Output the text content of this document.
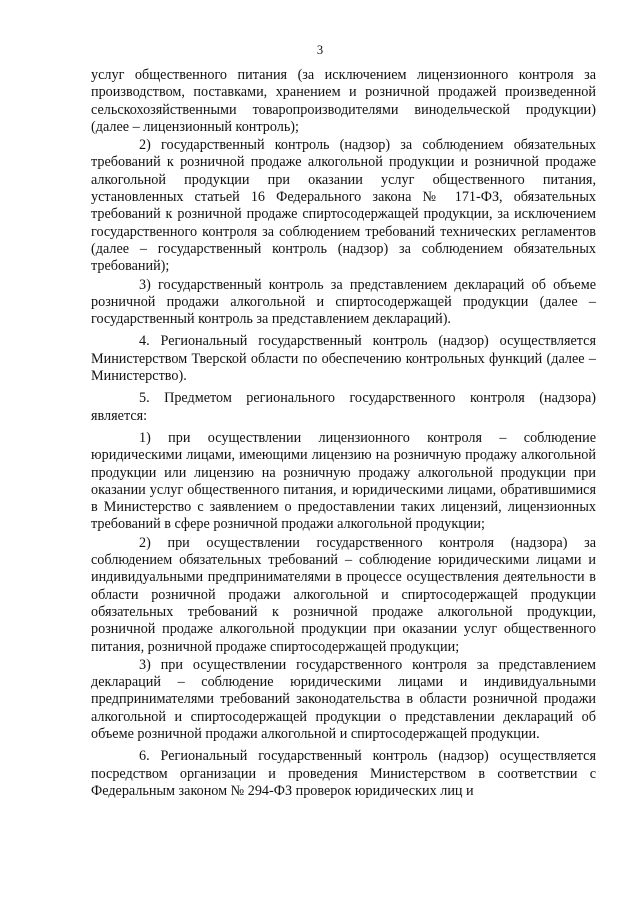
3

услуг общественного питания (за исключением лицензионного контроля за производством, поставками, хранением и розничной продажей произведенной сельскохозяйственными товаропроизводителями винодельческой продукции) (далее – лицензионный контроль);

2) государственный контроль (надзор) за соблюдением обязательных требований к розничной продаже алкогольной продукции и розничной продаже алкогольной продукции при оказании услуг общественного питания, установленных статьей 16 Федерального закона № 171-ФЗ, обязательных требований к розничной продаже спиртосодержащей продукции, за исключением государственного контроля за соблюдением требований технических регламентов (далее – государственный контроль (надзор) за соблюдением обязательных требований);

3) государственный контроль за представлением деклараций об объеме розничной продажи алкогольной и спиртосодержащей продукции (далее – государственный контроль за представлением деклараций).

4. Региональный государственный контроль (надзор) осуществляется Министерством Тверской области по обеспечению контрольных функций (далее – Министерство).

5. Предметом регионального государственного контроля (надзора) является:

1) при осуществлении лицензионного контроля – соблюдение юридическими лицами, имеющими лицензию на розничную продажу алкогольной продукции или лицензию на розничную продажу алкогольной продукции при оказании услуг общественного питания, и юридическими лицами, обратившимися в Министерство с заявлением о предоставлении таких лицензий, лицензионных требований в сфере розничной продажи алкогольной продукции;

2) при осуществлении государственного контроля (надзора) за соблюдением обязательных требований – соблюдение юридическими лицами и индивидуальными предпринимателями в процессе осуществления деятельности в области розничной продажи алкогольной и спиртосодержащей продукции обязательных требований к розничной продаже алкогольной продукции, розничной продаже алкогольной продукции при оказании услуг общественного питания, розничной продаже спиртосодержащей продукции;

3) при осуществлении государственного контроля за представлением деклараций – соблюдение юридическими лицами и индивидуальными предпринимателями требований законодательства в области розничной продажи алкогольной и спиртосодержащей продукции о представлении деклараций об объеме розничной продажи алкогольной и спиртосодержащей продукции.

6. Региональный государственный контроль (надзор) осуществляется посредством организации и проведения Министерством в соответствии с Федеральным законом № 294-ФЗ проверок юридических лиц и
